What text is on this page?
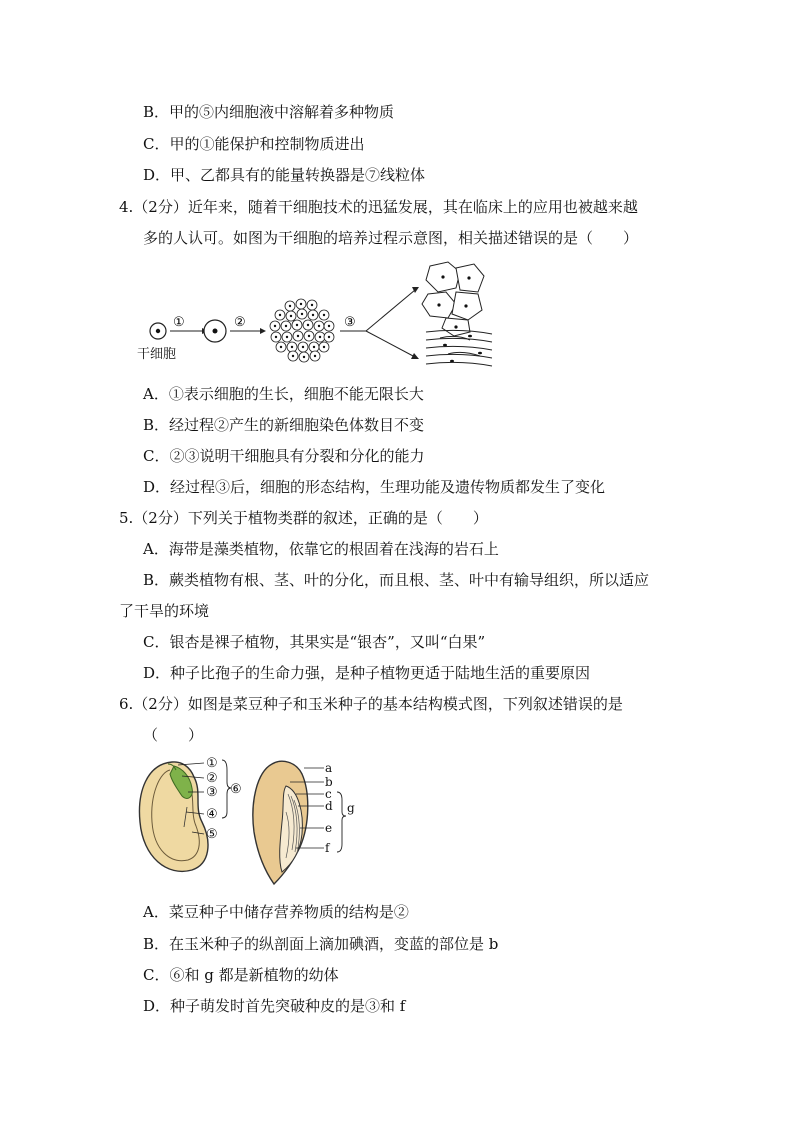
B．甲的⑤内细胞液中溶解着多种物质
C．甲的①能保护和控制物质进出
D．甲、乙都具有的能量转换器是⑦线粒体
4.（2分）近年来，随着干细胞技术的迅猛发展，其在临床上的应用也被越来越
多的人认可。如图为干细胞的培养过程示意图，相关描述错误的是（　　）
干细胞
①	②	③
A．①表示细胞的生长，细胞不能无限长大
B．经过程②产生的新细胞染色体数目不变
C．②③说明干细胞具有分裂和分化的能力
D．经过程③后，细胞的形态结构，生理功能及遗传物质都发生了变化
5.（2分）下列关于植物类群的叙述，正确的是（　　）
A．海带是藻类植物，依靠它的根固着在浅海的岩石上
B．蕨类植物有根、茎、叶的分化，而且根、茎、叶中有输导组织，所以适应
了干旱的环境
C．银杏是裸子植物，其果实是“银杏”，又叫“白果”
D．种子比孢子的生命力强，是种子植物更适于陆地生活的重要原因
6.（2分）如图是菜豆种子和玉米种子的基本结构模式图，下列叙述错误的是
（　　）
①
②
③
④
⑤
⑥
a
b
c
d
e
f
g
A．菜豆种子中储存营养物质的结构是②
B．在玉米种子的纵剖面上滴加碘酒，变蓝的部位是 b
C．⑥和 g 都是新植物的幼体
D．种子萌发时首先突破种皮的是③和 f
